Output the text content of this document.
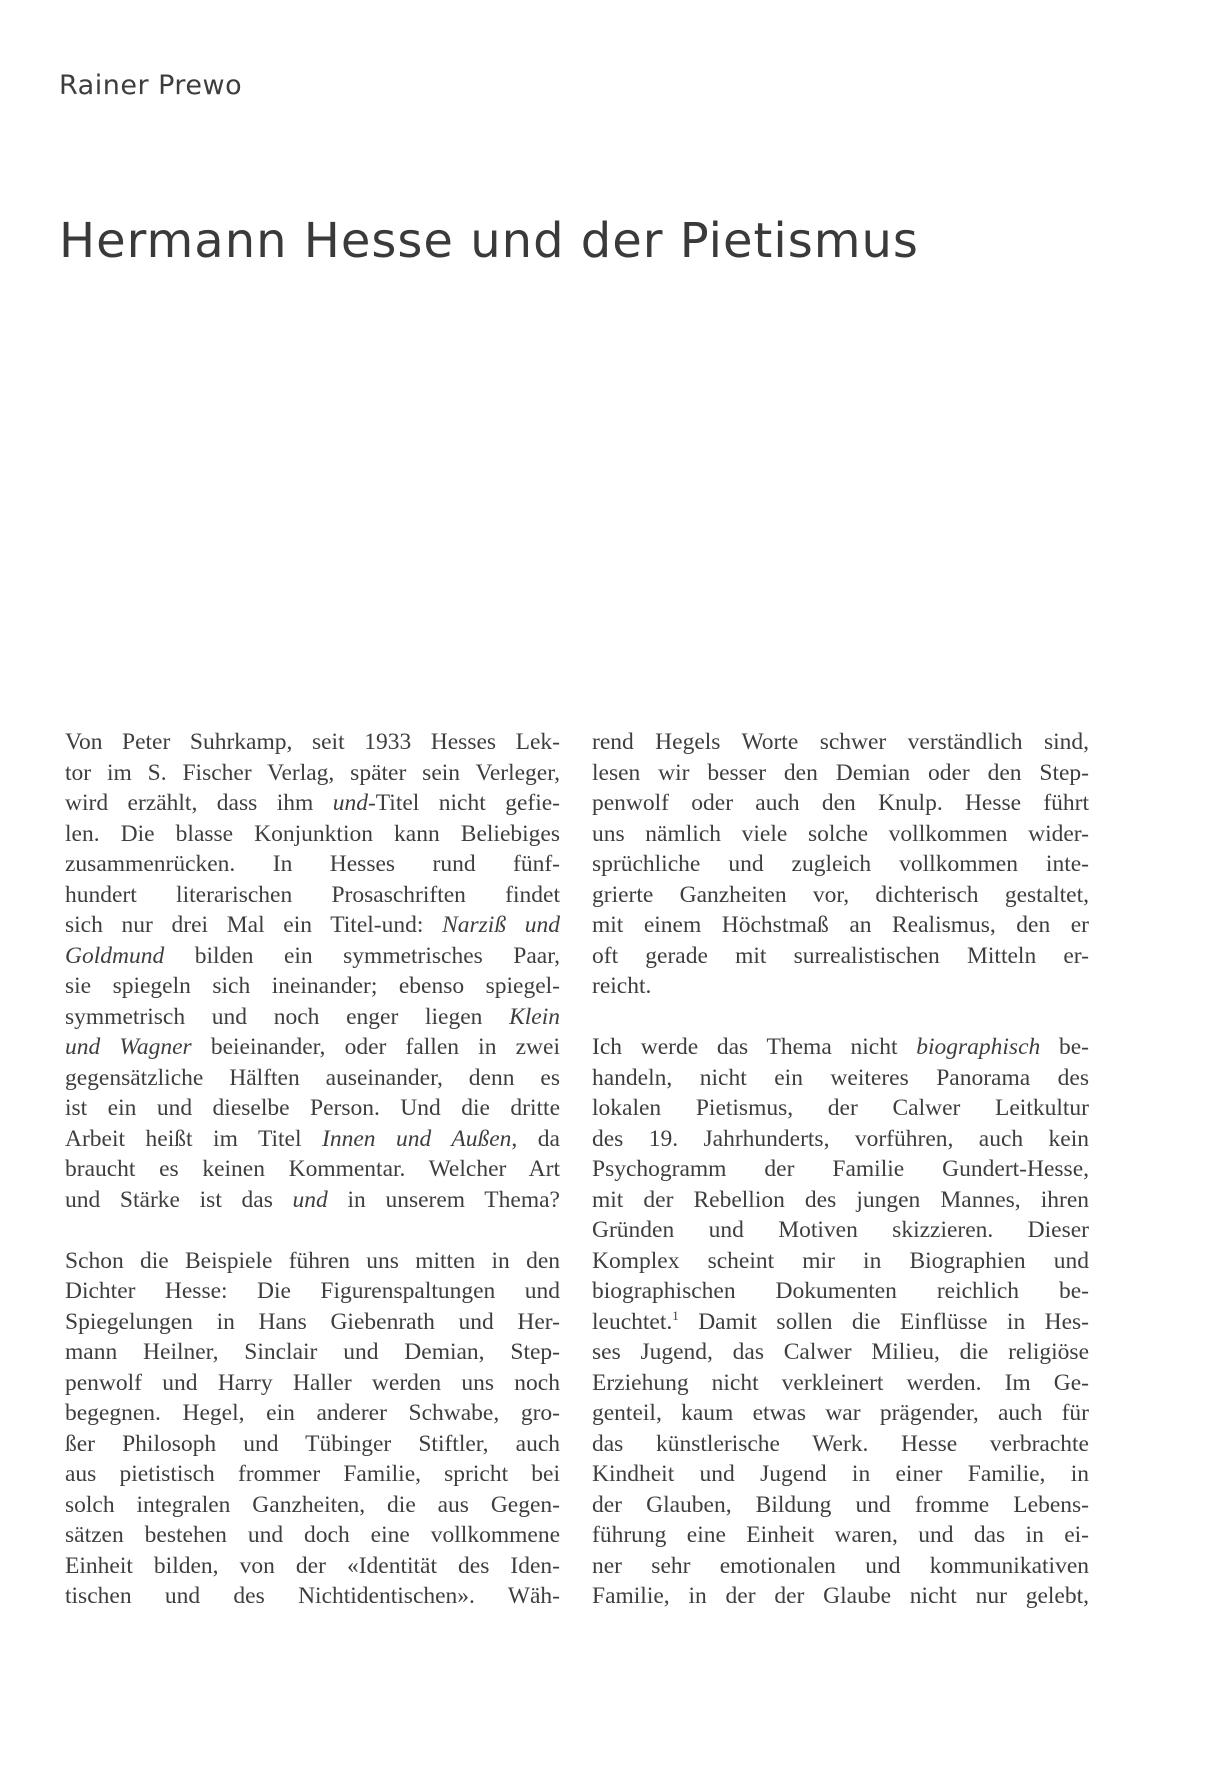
Rainer Prewo
Hermann Hesse und der Pietismus
Von Peter Suhrkamp, seit 1933 Hesses Lek-
tor im S. Fischer Verlag, später sein Verleger,
wird erzählt, dass ihm und-Titel nicht gefie-
len. Die blasse Konjunktion kann Beliebiges
zusammenrücken. In Hesses rund fünf-
hundert literarischen Prosaschriften findet
sich nur drei Mal ein Titel-und: Narziß und
Goldmund bilden ein symmetrisches Paar,
sie spiegeln sich ineinander; ebenso spiegel-
symmetrisch und noch enger liegen Klein
und Wagner beieinander, oder fallen in zwei
gegensätzliche Hälften auseinander, denn es
ist ein und dieselbe Person. Und die dritte
Arbeit heißt im Titel Innen und Außen, da
braucht es keinen Kommentar. Welcher Art
und Stärke ist das und in unserem Thema?
Schon die Beispiele führen uns mitten in den
Dichter Hesse: Die Figurenspaltungen und
Spiegelungen in Hans Giebenrath und Her-
mann Heilner, Sinclair und Demian, Step-
penwolf und Harry Haller werden uns noch
begegnen. Hegel, ein anderer Schwabe, gro-
ßer Philosoph und Tübinger Stiftler, auch
aus pietistisch frommer Familie, spricht bei
solch integralen Ganzheiten, die aus Gegen-
sätzen bestehen und doch eine vollkommene
Einheit bilden, von der «Identität des Iden-
tischen und des Nichtidentischen». Wäh-
rend Hegels Worte schwer verständlich sind,
lesen wir besser den Demian oder den Step-
penwolf oder auch den Knulp. Hesse führt
uns nämlich viele solche vollkommen wider-
sprüchliche und zugleich vollkommen inte-
grierte Ganzheiten vor, dichterisch gestaltet,
mit einem Höchstmaß an Realismus, den er
oft gerade mit surrealistischen Mitteln er-
reicht.
Ich werde das Thema nicht biographisch be-
handeln, nicht ein weiteres Panorama des
lokalen Pietismus, der Calwer Leitkultur
des 19. Jahrhunderts, vorführen, auch kein
Psychogramm der Familie Gundert-Hesse,
mit der Rebellion des jungen Mannes, ihren
Gründen und Motiven skizzieren. Dieser
Komplex scheint mir in Biographien und
biographischen Dokumenten reichlich be-
leuchtet.$^1$ Damit sollen die Einflüsse in Hes-
ses Jugend, das Calwer Milieu, die religiöse
Erziehung nicht verkleinert werden. Im Ge-
genteil, kaum etwas war prägender, auch für
das künstlerische Werk. Hesse verbrachte
Kindheit und Jugend in einer Familie, in
der Glauben, Bildung und fromme Lebens-
führung eine Einheit waren, und das in ei-
ner sehr emotionalen und kommunikativen
Familie, in der der Glaube nicht nur gelebt,
